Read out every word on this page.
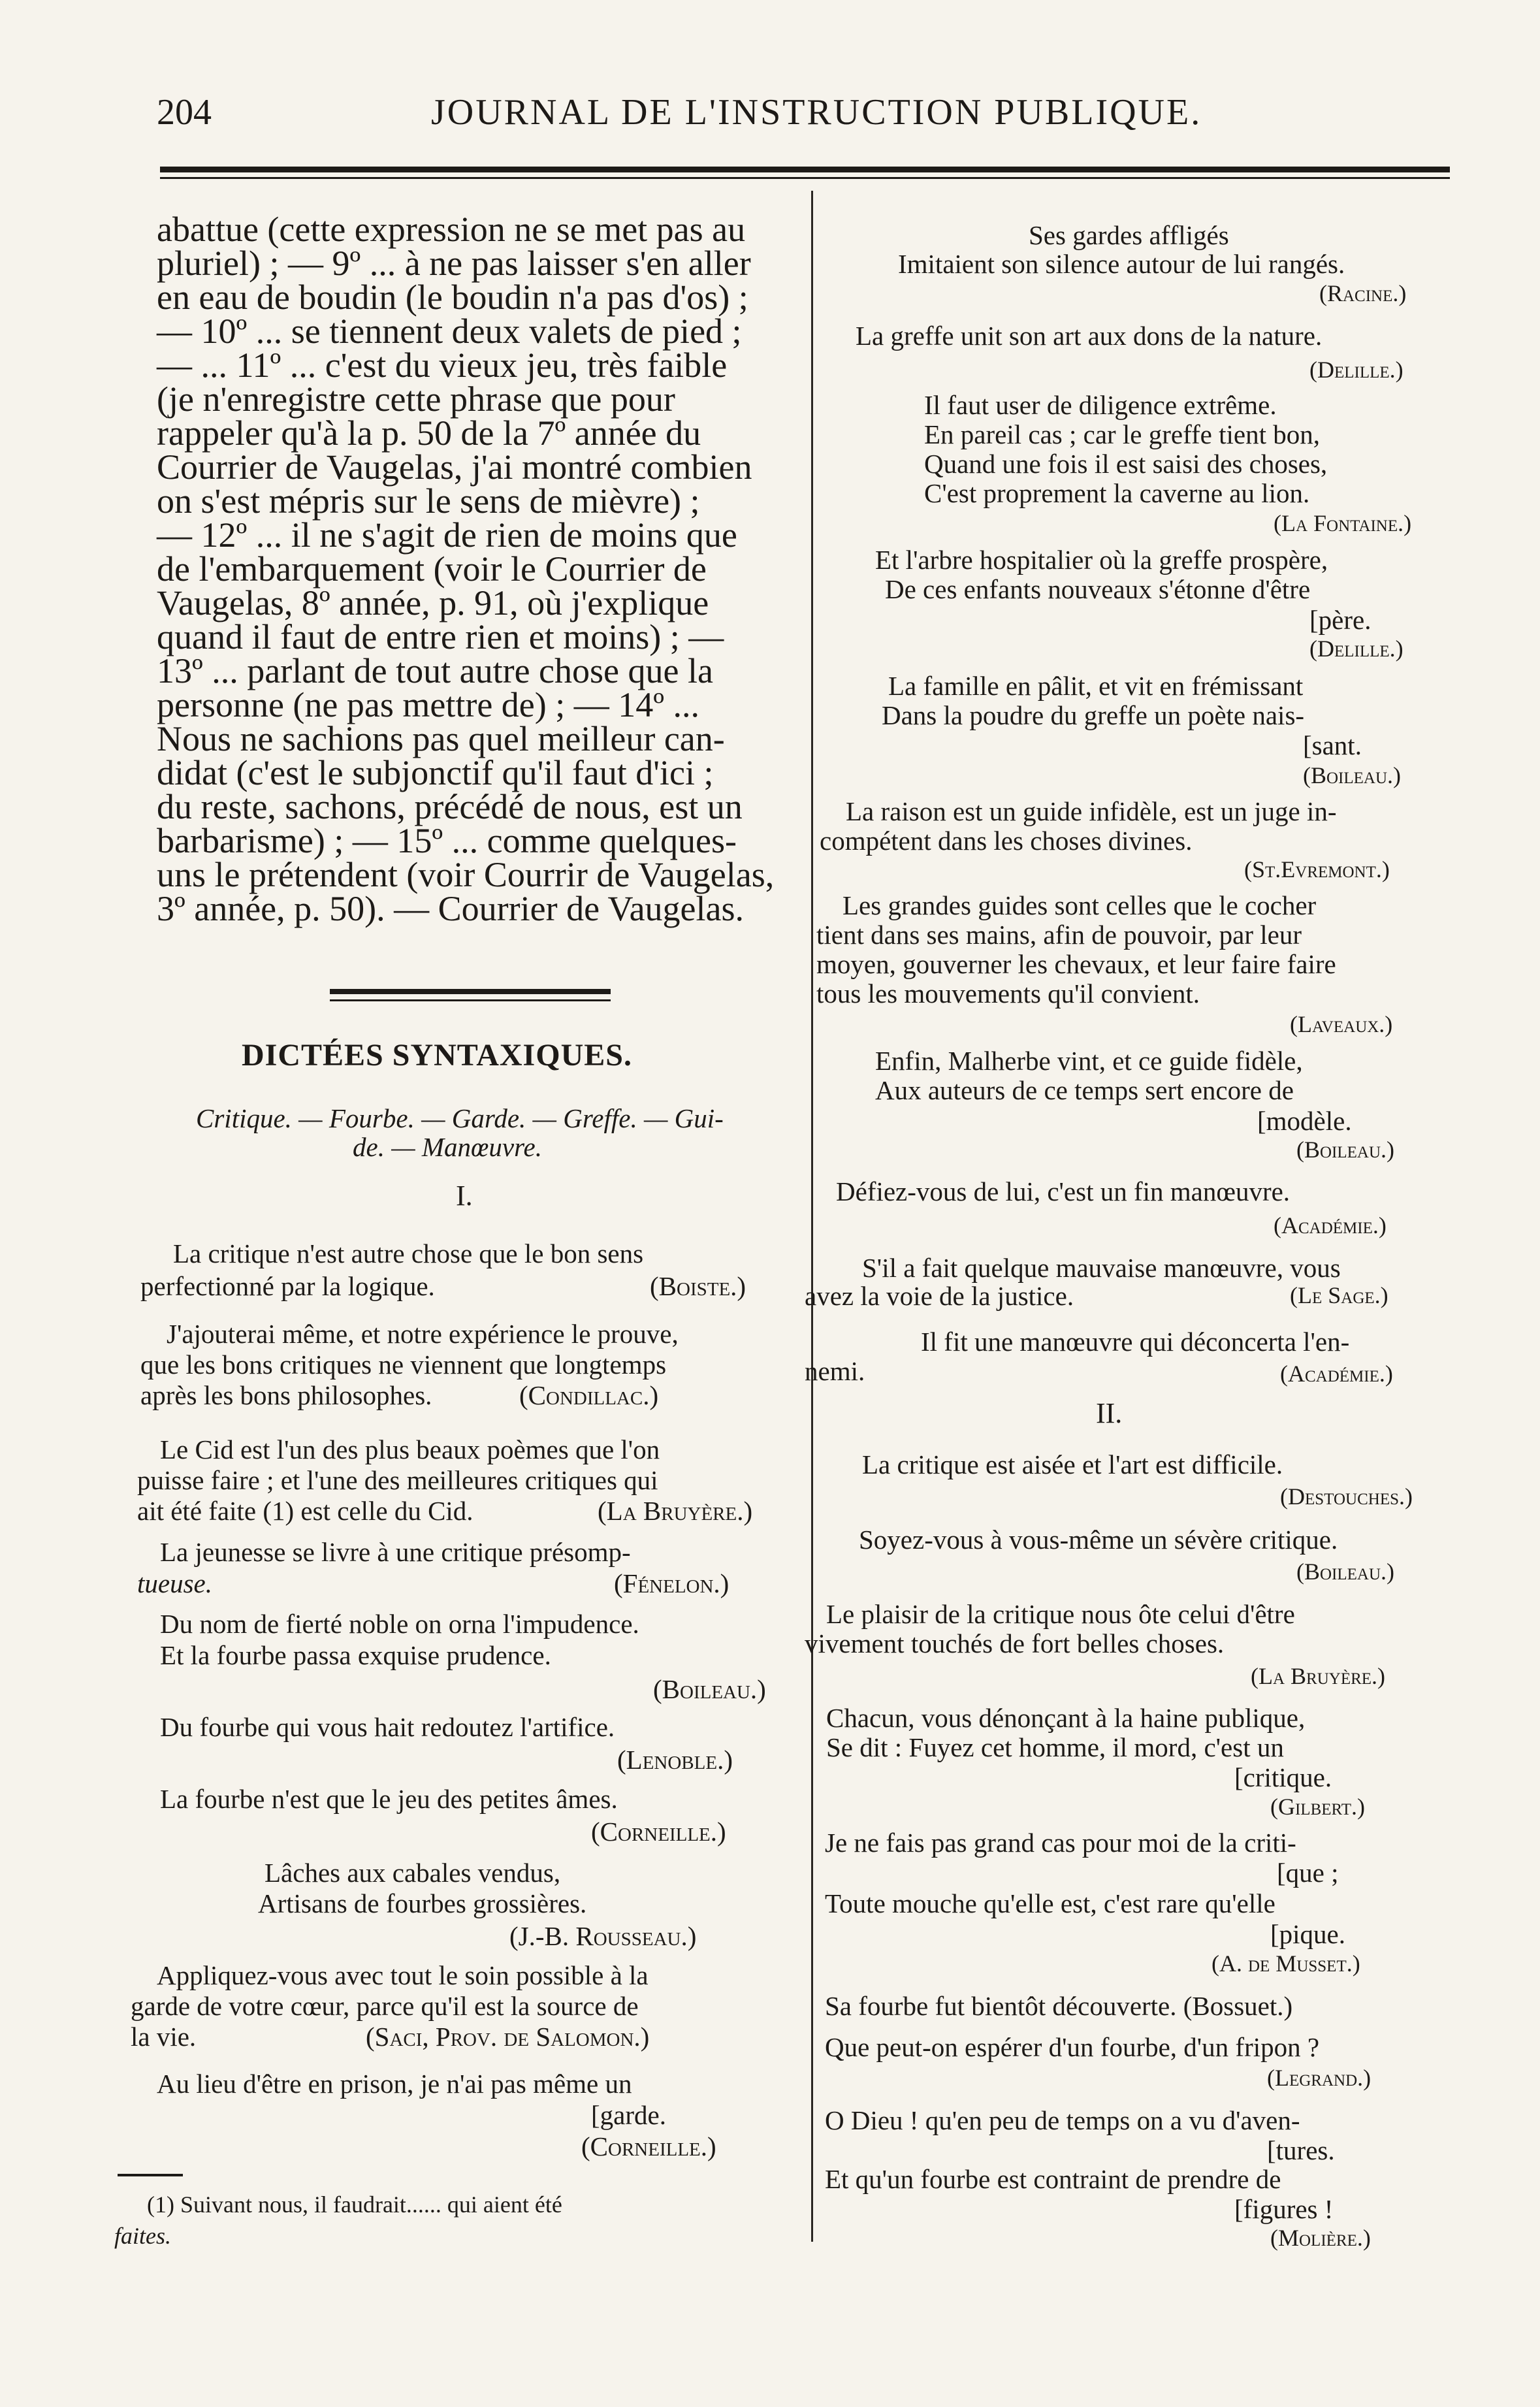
204	JOURNAL DE L'INSTRUCTION PUBLIQUE.
abattue (cette expression ne se met pas au
pluriel) ; — 9º ... à ne pas laisser s'en aller
en eau de boudin (le boudin n'a pas d'os) ;
— 10º ... se tiennent deux valets de pied ;
— ... 11º ... c'est du vieux jeu, très faible
(je n'enregistre cette phrase que pour
rappeler qu'à la p. 50 de la 7º année du
Courrier de Vaugelas, j'ai montré combien
on s'est mépris sur le sens de mièvre) ;
— 12º ... il ne s'agit de rien de moins que
de l'embarquement (voir le Courrier de
Vaugelas, 8º année, p. 91, où j'explique
quand il faut de entre rien et moins) ; —
13º ... parlant de tout autre chose que la
personne (ne pas mettre de) ; — 14º ...
Nous ne sachions pas quel meilleur can-
didat (c'est le subjonctif qu'il faut d'ici ;
du reste, sachons, précédé de nous, est un
barbarisme) ; — 15º ... comme quelques-
uns le prétendent (voir Courrir de Vaugelas,
3º année, p. 50). — Courrier de Vaugelas.
DICTÉES SYNTAXIQUES.
Critique. — Fourbe. — Garde. — Greffe. — Gui-
de. — Manœuvre.
I.
La critique n'est autre chose que le bon sens
perfectionné par la logique.	(Boiste.)
J'ajouterai même, et notre expérience le prouve,
que les bons critiques ne viennent que longtemps
après les bons philosophes.	(Condillac.)
Le Cid est l'un des plus beaux poèmes que l'on
puisse faire ; et l'une des meilleures critiques qui
ait été faite (1) est celle du Cid.	(La Bruyère.)
La jeunesse se livre à une critique présomp-
tueuse.	(Fénelon.)
Du nom de fierté noble on orna l'impudence.
Et la fourbe passa exquise prudence.
(Boileau.)
Du fourbe qui vous hait redoutez l'artifice.
(Lenoble.)
La fourbe n'est que le jeu des petites âmes.
(Corneille.)
Lâches aux cabales vendus,
Artisans de fourbes grossières.
(J.-B. Rousseau.)
Appliquez-vous avec tout le soin possible à la
garde de votre cœur, parce qu'il est la source de
la vie.	(Saci, Prov. de Salomon.)
Au lieu d'être en prison, je n'ai pas même un
[garde.
(Corneille.)
(1) Suivant nous, il faudrait...... qui aient été
faites.
Ses gardes affligés
Imitaient son silence autour de lui rangés.
(Racine.)
La greffe unit son art aux dons de la nature.
(Delille.)
Il faut user de diligence extrême.
En pareil cas ; car le greffe tient bon,
Quand une fois il est saisi des choses,
C'est proprement la caverne au lion.
(La Fontaine.)
Et l'arbre hospitalier où la greffe prospère,
De ces enfants nouveaux s'étonne d'être
[père.
(Delille.)
La famille en pâlit, et vit en frémissant
Dans la poudre du greffe un poète nais-
[sant.
(Boileau.)
La raison est un guide infidèle, est un juge in-
compétent dans les choses divines.
(St.Evremont.)
Les grandes guides sont celles que le cocher
tient dans ses mains, afin de pouvoir, par leur
moyen, gouverner les chevaux, et leur faire faire
tous les mouvements qu'il convient.
(Laveaux.)
Enfin, Malherbe vint, et ce guide fidèle,
Aux auteurs de ce temps sert encore de
[modèle.
(Boileau.)
Défiez-vous de lui, c'est un fin manœuvre.
(Académie.)
S'il a fait quelque mauvaise manœuvre, vous
avez la voie de la justice.	(Le Sage.)
Il fit une manœuvre qui déconcerta l'en-
nemi.	(Académie.)
II.
La critique est aisée et l'art est difficile.
(Destouches.)
Soyez-vous à vous-même un sévère critique.
(Boileau.)
Le plaisir de la critique nous ôte celui d'être
vivement touchés de fort belles choses.
(La Bruyère.)
Chacun, vous dénonçant à la haine publique,
Se dit : Fuyez cet homme, il mord, c'est un
[critique.
(Gilbert.)
Je ne fais pas grand cas pour moi de la criti-
[que ;
Toute mouche qu'elle est, c'est rare qu'elle
[pique.
(A. de Musset.)
Sa fourbe fut bientôt découverte. (Bossuet.)
Que peut-on espérer d'un fourbe, d'un fripon ?
(Legrand.)
O Dieu ! qu'en peu de temps on a vu d'aven-
[tures.
Et qu'un fourbe est contraint de prendre de
[figures !
(Molière.)
